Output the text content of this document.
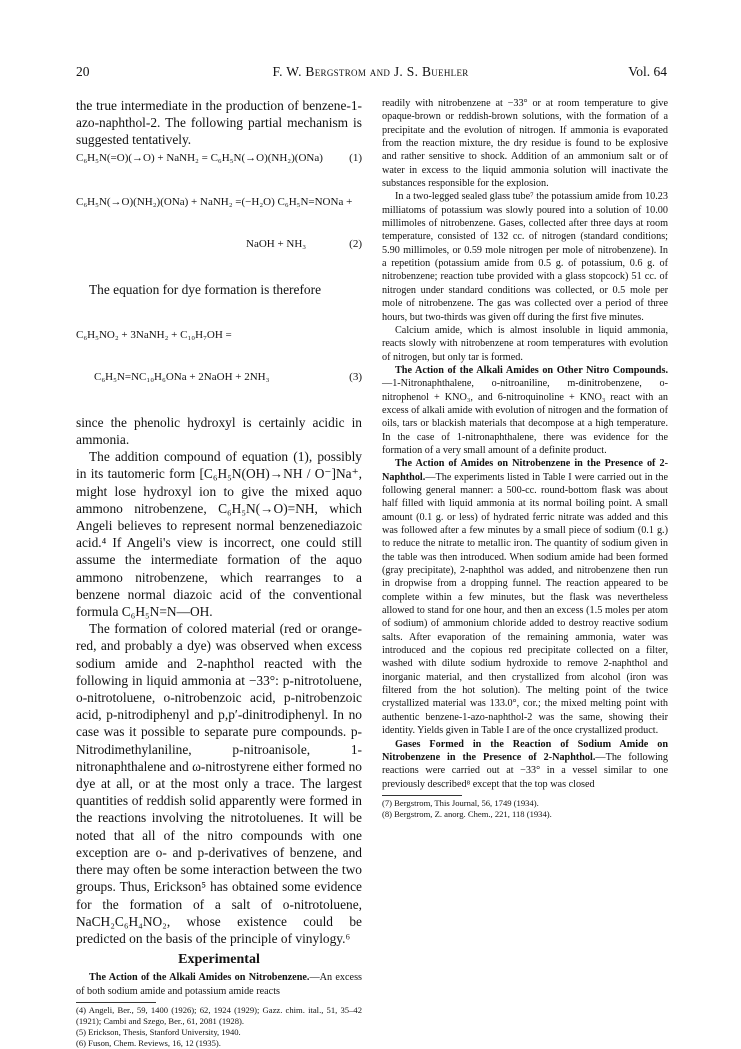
20	F. W. Bergstrom and J. S. Buehler	Vol. 64

the true intermediate in the production of benzene-1-azo-naphthol-2. The following partial mechanism is suggested tentatively.

C₆H₅N(=O)(→O) + NaNH₂ = C₆H₅N(→O)(NH₂)(ONa) (1)

C₆H₅N(→O)(NH₂)(ONa) + NaNH₂ =(−H₂O) C₆H₅N=NONa +

NaOH + NH₃	(2)

The equation for dye formation is therefore

C₆H₅NO₂ + 3NaNH₂ + C₁₀H₇OH =

C₆H₅N=NC₁₀H₆ONa + 2NaOH + 2NH₃	(3)

since the phenolic hydroxyl is certainly acidic in ammonia.

The addition compound of equation (1), possibly in its tautomeric form [C₆H₅N(OH)→NH / O⁻]Na⁺, might lose hydroxyl ion to give the mixed aquo ammono nitrobenzene, C₆H₅N(→O)=NH, which Angeli believes to represent normal benzenediazoic acid.⁴ If Angeli's view is incorrect, one could still assume the intermediate formation of the aquo ammono nitrobenzene, which rearranges to a benzene normal diazoic acid of the conventional formula C₆H₅N=N—OH.

The formation of colored material (red or orange-red, and probably a dye) was observed when excess sodium amide and 2-naphthol reacted with the following in liquid ammonia at −33°: p-nitrotoluene, o-nitrotoluene, o-nitrobenzoic acid, p-nitrobenzoic acid, p-nitrodiphenyl and p,p′-dinitrodiphenyl. In no case was it possible to separate pure compounds. p-Nitrodimethylaniline, p-nitroanisole, 1-nitronaphthalene and ω-nitrostyrene either formed no dye at all, or at the most only a trace. The largest quantities of reddish solid apparently were formed in the reactions involving the nitrotoluenes. It will be noted that all of the nitro compounds with one exception are o- and p-derivatives of benzene, and there may often be some interaction between the two groups. Thus, Erickson⁵ has obtained some evidence for the formation of a salt of o-nitrotoluene, NaCH₂C₆H₄NO₂, whose existence could be predicted on the basis of the principle of vinylogy.⁶

Experimental

The Action of the Alkali Amides on Nitrobenzene.—An excess of both sodium amide and potassium amide reacts

(4) Angeli, Ber., 59, 1400 (1926); 62, 1924 (1929); Gazz. chim. ital., 51, 35–42 (1921); Cambi and Szego, Ber., 61, 2081 (1928).

(5) Erickson, Thesis, Stanford University, 1940.

(6) Fuson, Chem. Reviews, 16, 12 (1935).

readily with nitrobenzene at −33° or at room temperature to give opaque-brown or reddish-brown solutions, with the formation of a precipitate and the evolution of nitrogen. If ammonia is evaporated from the reaction mixture, the dry residue is found to be explosive and rather sensitive to shock. Addition of an ammonium salt or of water in excess to the liquid ammonia solution will inactivate the substances responsible for the explosion.

In a two-legged sealed glass tube⁷ the potassium amide from 10.23 milliatoms of potassium was slowly poured into a solution of 10.00 millimoles of nitrobenzene. Gases, collected after three days at room temperature, consisted of 132 cc. of nitrogen (standard conditions; 5.90 millimoles, or 0.59 mole nitrogen per mole of nitrobenzene). In a repetition (potassium amide from 0.5 g. of potassium, 0.6 g. of nitrobenzene; reaction tube provided with a glass stopcock) 51 cc. of nitrogen under standard conditions was collected, or 0.5 mole per mole of nitrobenzene. The gas was collected over a period of three hours, but two-thirds was given off during the first five minutes.

Calcium amide, which is almost insoluble in liquid ammonia, reacts slowly with nitrobenzene at room temperatures with evolution of nitrogen, but only tar is formed.

The Action of the Alkali Amides on Other Nitro Compounds.—1-Nitronaphthalene, o-nitroaniline, m-dinitrobenzene, o-nitrophenol + KNO₃, and 6-nitroquinoline + KNO₃ react with an excess of alkali amide with evolution of nitrogen and the formation of oils, tars or blackish materials that decompose at a high temperature. In the case of 1-nitronaphthalene, there was evidence for the formation of a very small amount of a definite product.

The Action of Amides on Nitrobenzene in the Presence of 2-Naphthol.—The experiments listed in Table I were carried out in the following general manner: a 500-cc. round-bottom flask was about half filled with liquid ammonia at its normal boiling point. A small amount (0.1 g. or less) of hydrated ferric nitrate was added and this was followed after a few minutes by a small piece of sodium (0.1 g.) to reduce the nitrate to metallic iron. The quantity of sodium given in the table was then introduced. When sodium amide had been formed (gray precipitate), 2-naphthol was added, and nitrobenzene then run in dropwise from a dropping funnel. The reaction appeared to be complete within a few minutes, but the flask was nevertheless allowed to stand for one hour, and then an excess (1.5 moles per atom of sodium) of ammonium chloride added to destroy reactive sodium salts. After evaporation of the remaining ammonia, water was introduced and the copious red precipitate collected on a filter, washed with dilute sodium hydroxide to remove 2-naphthol and inorganic material, and then crystallized from alcohol (iron was filtered from the hot solution). The melting point of the twice crystallized material was 133.0°, cor.; the mixed melting point with authentic benzene-1-azo-naphthol-2 was the same, showing their identity. Yields given in Table I are of the once crystallized product.

Gases Formed in the Reaction of Sodium Amide on Nitrobenzene in the Presence of 2-Naphthol.—The following reactions were carried out at −33° in a vessel similar to one previously described⁸ except that the top was closed

(7) Bergstrom, This Journal, 56, 1749 (1934).

(8) Bergstrom, Z. anorg. Chem., 221, 118 (1934).
